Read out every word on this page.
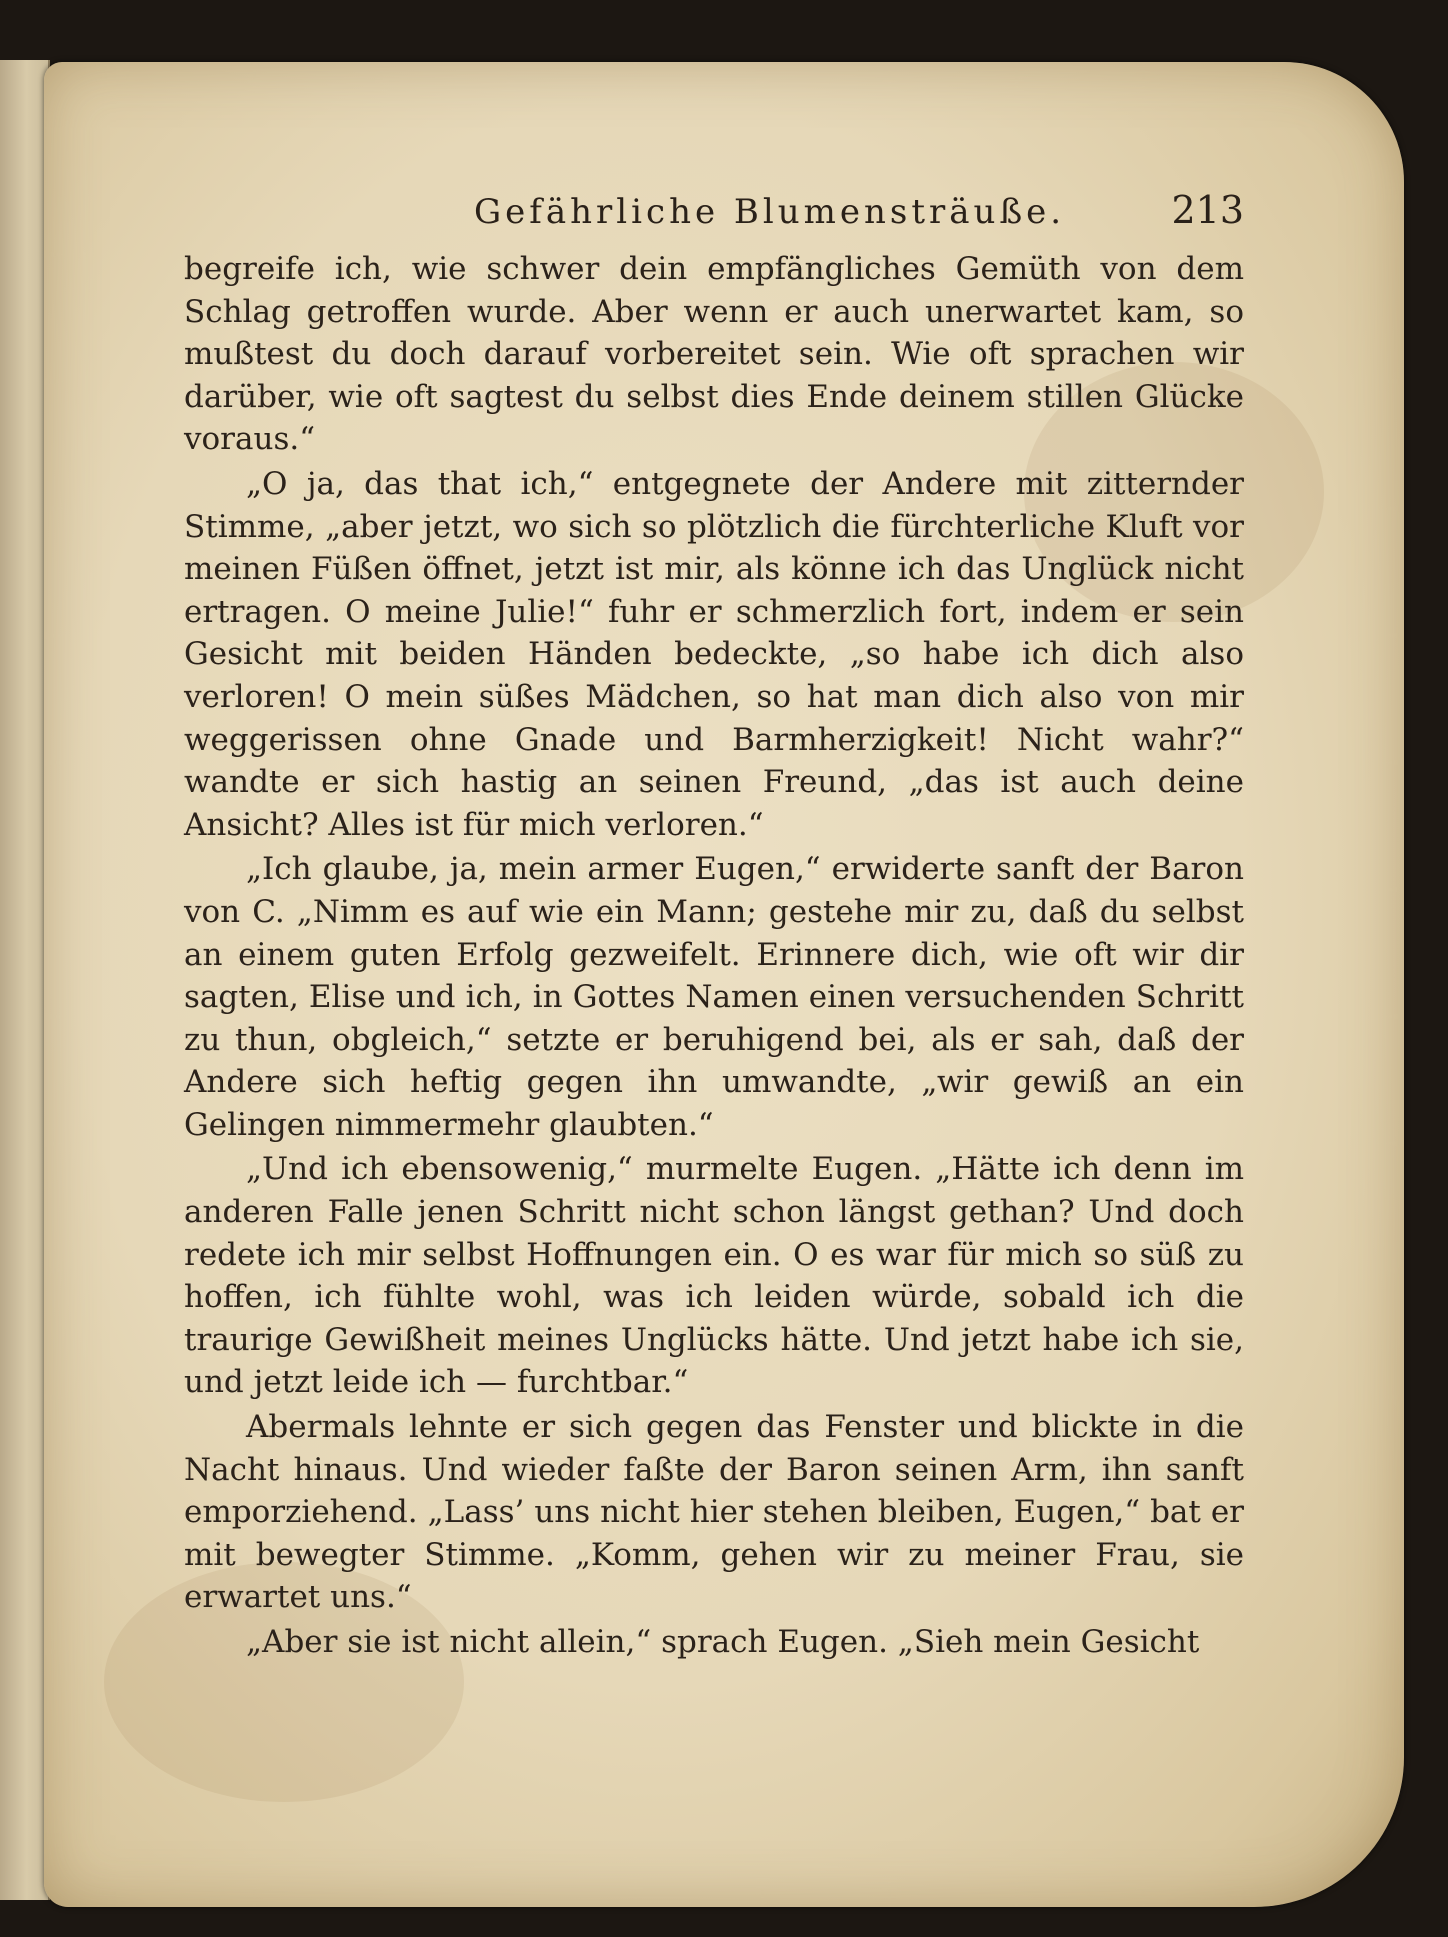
Gefährliche Blumensträuße.	213

begreife ich, wie schwer dein empfängliches Gemüth von dem Schlag getroffen wurde. Aber wenn er auch unerwartet kam, so mußtest du doch darauf vorbereitet sein. Wie oft sprachen wir darüber, wie oft sagtest du selbst dies Ende deinem stillen Glücke voraus.“

„O ja, das that ich,“ entgegnete der Andere mit zitternder Stimme, „aber jetzt, wo sich so plötzlich die fürchterliche Kluft vor meinen Füßen öffnet, jetzt ist mir, als könne ich das Unglück nicht ertragen. O meine Julie!“ fuhr er schmerzlich fort, indem er sein Gesicht mit beiden Händen bedeckte, „so habe ich dich also verloren! O mein süßes Mädchen, so hat man dich also von mir weggerissen ohne Gnade und Barmherzigkeit! Nicht wahr?“ wandte er sich hastig an seinen Freund, „das ist auch deine Ansicht? Alles ist für mich verloren.“

„Ich glaube, ja, mein armer Eugen,“ erwiderte sanft der Baron von C. „Nimm es auf wie ein Mann; gestehe mir zu, daß du selbst an einem guten Erfolg gezweifelt. Erinnere dich, wie oft wir dir sagten, Elise und ich, in Gottes Namen einen versuchenden Schritt zu thun, obgleich,“ setzte er beruhigend bei, als er sah, daß der Andere sich heftig gegen ihn umwandte, „wir gewiß an ein Gelingen nimmermehr glaubten.“

„Und ich ebensowenig,“ murmelte Eugen. „Hätte ich denn im anderen Falle jenen Schritt nicht schon längst gethan? Und doch redete ich mir selbst Hoffnungen ein. O es war für mich so süß zu hoffen, ich fühlte wohl, was ich leiden würde, sobald ich die traurige Gewißheit meines Unglücks hätte. Und jetzt habe ich sie, und jetzt leide ich — furchtbar.“

Abermals lehnte er sich gegen das Fenster und blickte in die Nacht hinaus. Und wieder faßte der Baron seinen Arm, ihn sanft emporziehend. „Lass’ uns nicht hier stehen bleiben, Eugen,“ bat er mit bewegter Stimme. „Komm, gehen wir zu meiner Frau, sie erwartet uns.“

„Aber sie ist nicht allein,“ sprach Eugen. „Sieh mein Gesicht
